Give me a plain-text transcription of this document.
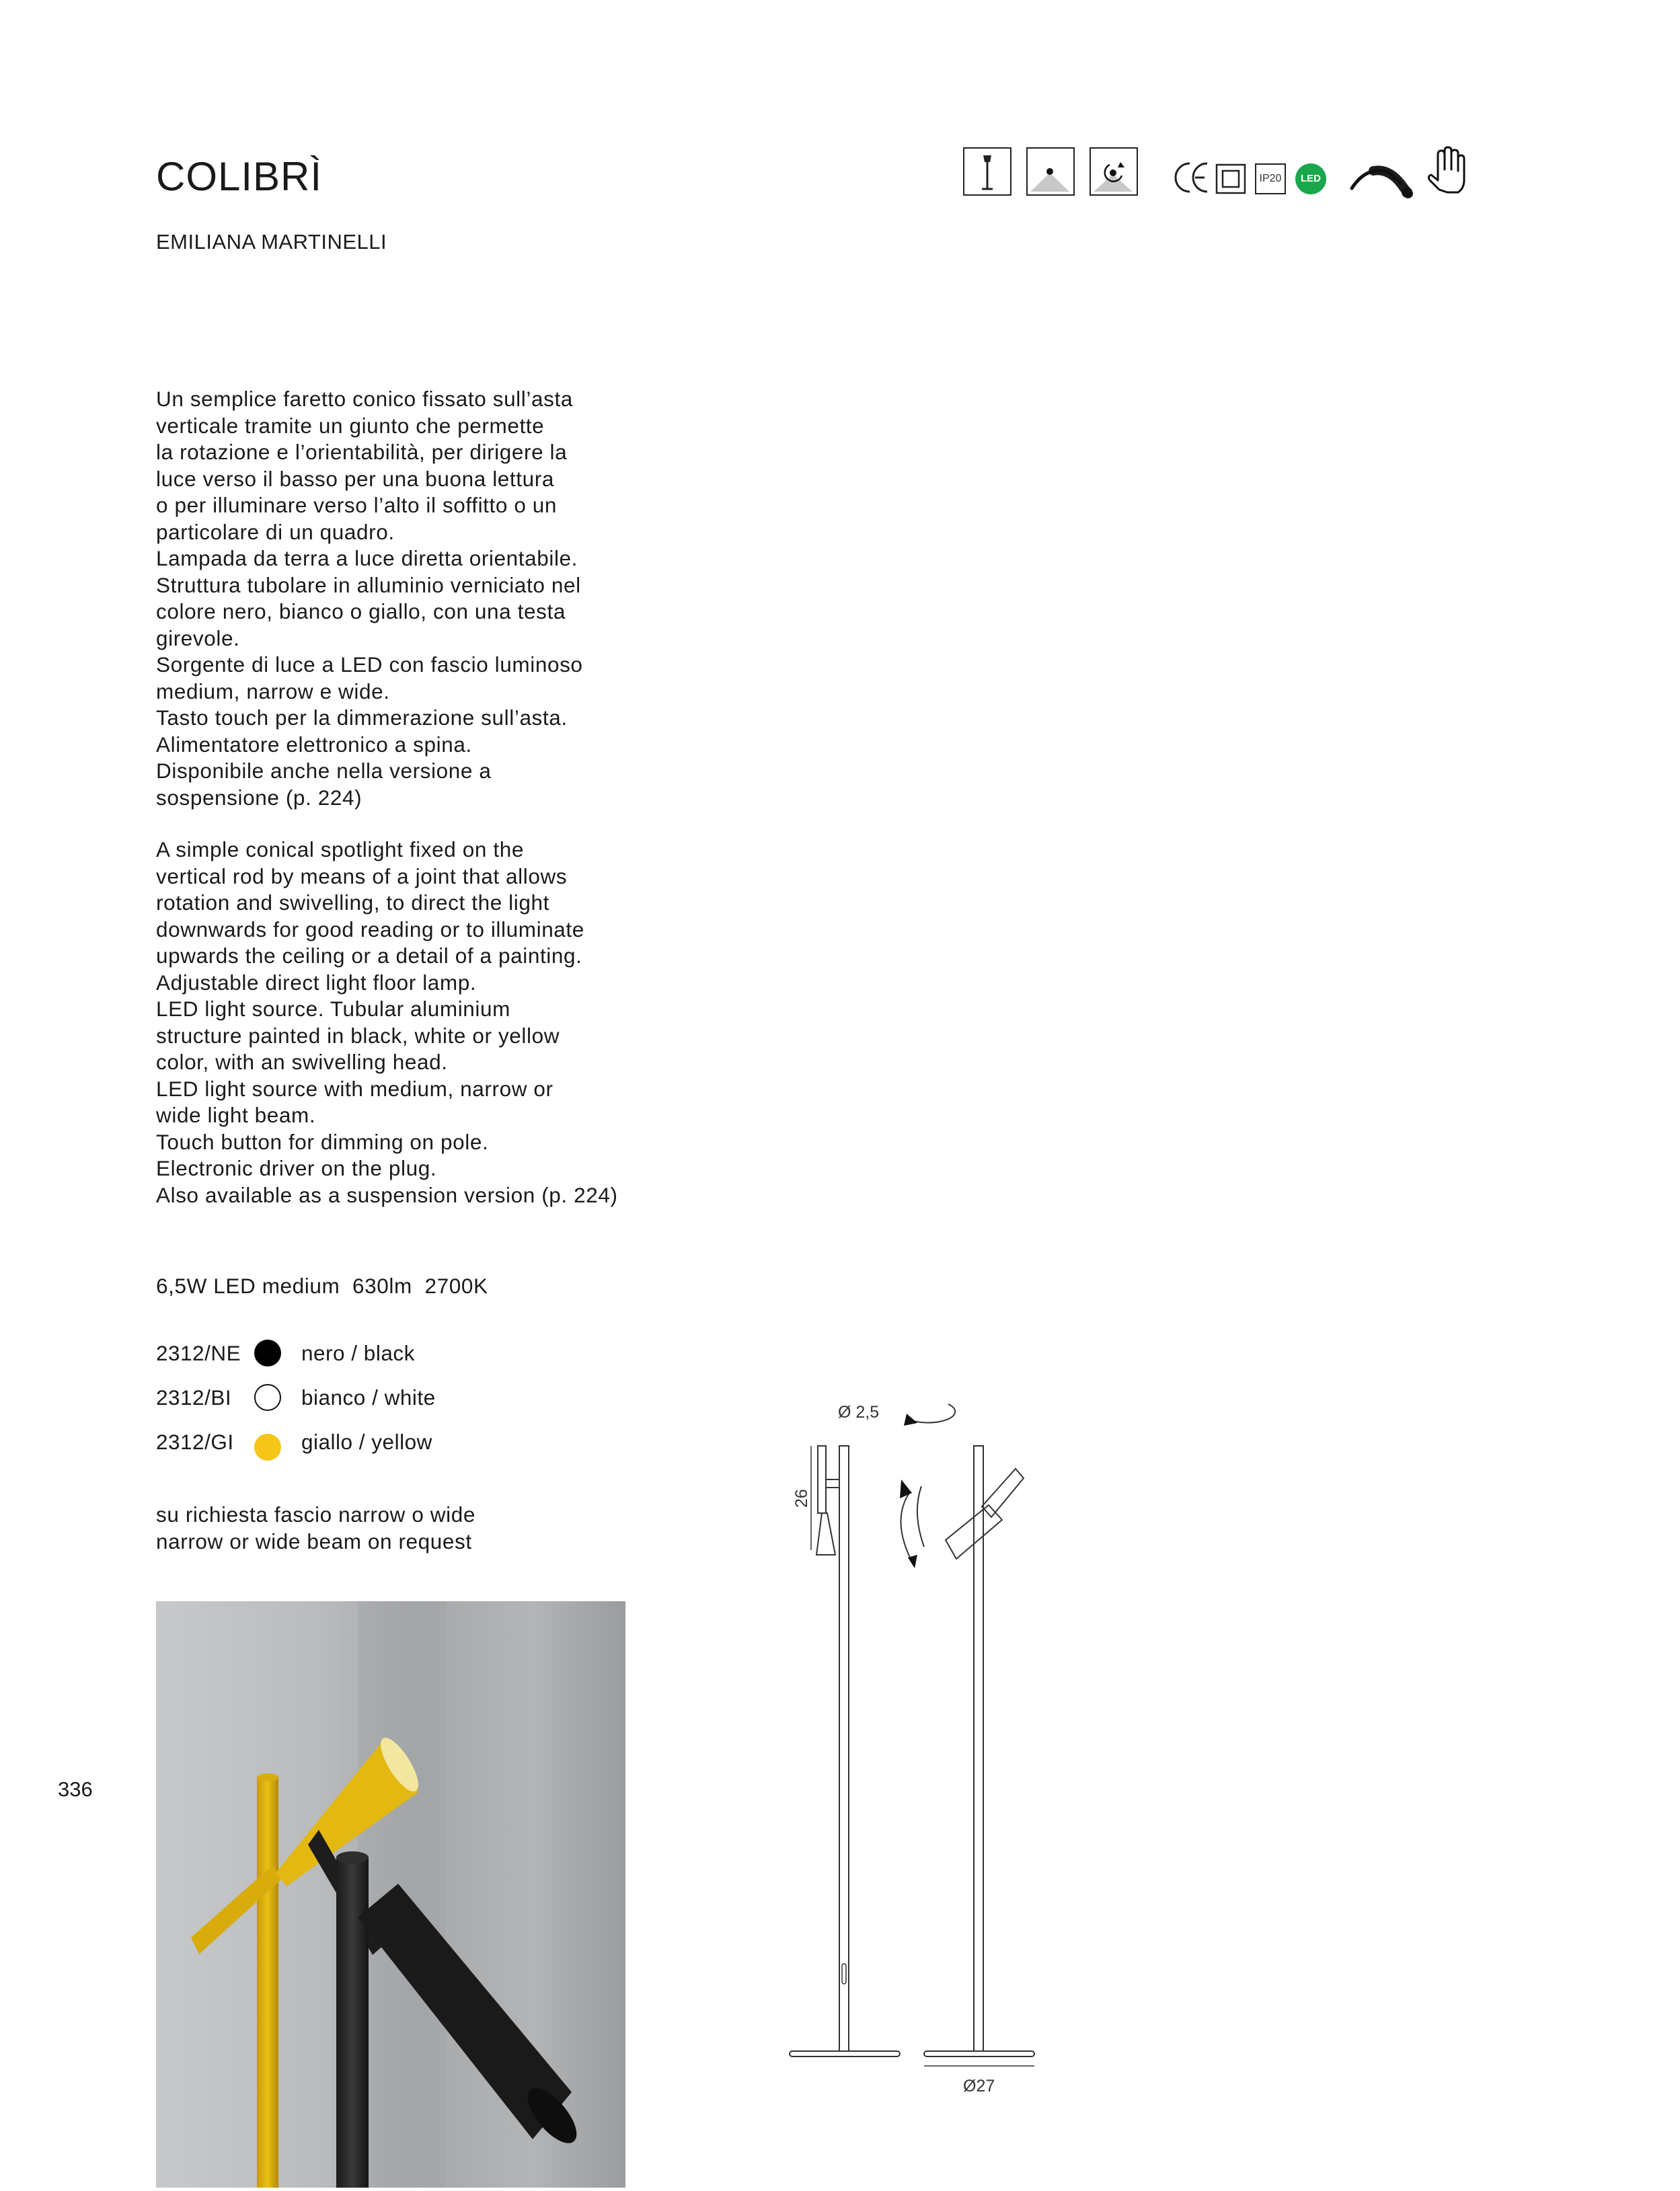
COLIBRÌ
EMILIANA MARTINELLI
IP20	LED

Un semplice faretto conico fissato sull’asta

verticale tramite un giunto che permette

la rotazione e l’orientabilità, per dirigere la

luce verso il basso per una buona lettura

o per illuminare verso l’alto il soffitto o un

particolare di un quadro.

Lampada da terra a luce diretta orientabile.

Struttura tubolare in alluminio verniciato nel

colore nero, bianco o giallo, con una testa

girevole.

Sorgente di luce a LED con fascio luminoso

medium, narrow e wide.

Tasto touch per la dimmerazione sull’asta.

Alimentatore elettronico a spina.

Disponibile anche nella versione a

sospensione (p. 224)

A simple conical spotlight fixed on the

vertical rod by means of a joint that allows

rotation and swivelling, to direct the light

downwards for good reading or to illuminate

upwards the ceiling or a detail of a painting.

Adjustable direct light floor lamp.

LED light source. Tubular aluminium

structure painted in black, white or yellow

color, with an swivelling head.

LED light source with medium, narrow or

wide light beam.

Touch button for dimming on pole.

Electronic driver on the plug.

Also available as a suspension version (p. 224)

6,5W LED medium  630lm  2700K
2312/NE	nero / black
2312/BI	bianco / white
2312/GI	giallo / yellow
su richiesta fascio narrow o wide
narrow or wide beam on request
336
Ø 2,5
26
Ø27
